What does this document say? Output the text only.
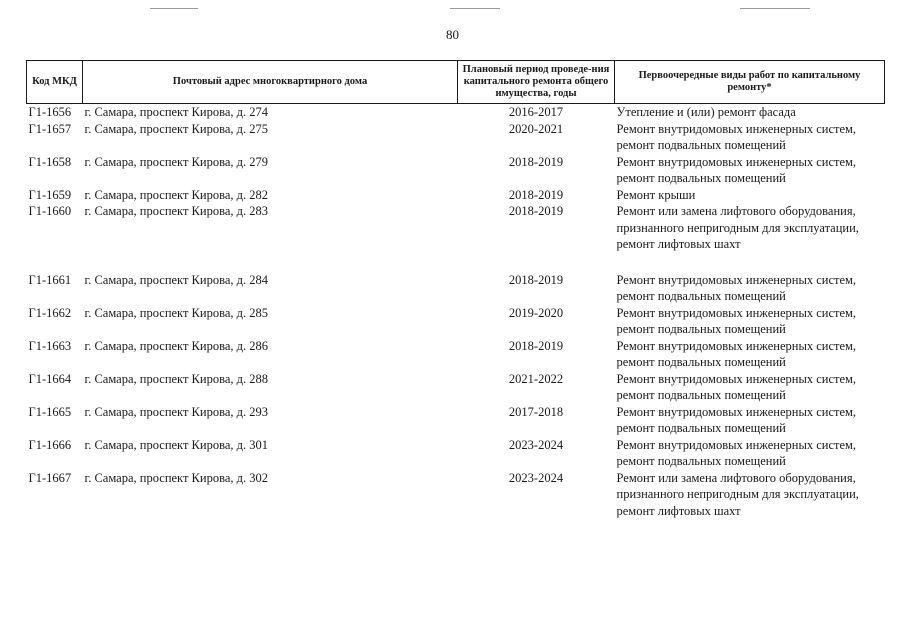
80
Код МКД	Почтовый адрес многоквартирного дома	Плановый период проведе-ния капитального ремонта общего имущества, годы	Первоочередные виды работ по капитальному ремонту*
Г1-1656	г. Самара, проспект Кирова, д. 274	2016-2017	Утепление и (или) ремонт фасада
Г1-1657	г. Самара, проспект Кирова, д. 275	2020-2021	Ремонт внутридомовых инженерных систем, ремонт подвальных помещений
Г1-1658	г. Самара, проспект Кирова, д. 279	2018-2019	Ремонт внутридомовых инженерных систем, ремонт подвальных помещений
Г1-1659	г. Самара, проспект Кирова, д. 282	2018-2019	Ремонт крыши
Г1-1660	г. Самара, проспект Кирова, д. 283	2018-2019	Ремонт или замена лифтового оборудования, признанного непригодным для эксплуатации, ремонт лифтовых шахт

Г1-1661	г. Самара, проспект Кирова, д. 284	2018-2019	Ремонт внутридомовых инженерных систем, ремонт подвальных помещений
Г1-1662	г. Самара, проспект Кирова, д. 285	2019-2020	Ремонт внутридомовых инженерных систем, ремонт подвальных помещений
Г1-1663	г. Самара, проспект Кирова, д. 286	2018-2019	Ремонт внутридомовых инженерных систем, ремонт подвальных помещений
Г1-1664	г. Самара, проспект Кирова, д. 288	2021-2022	Ремонт внутридомовых инженерных систем, ремонт подвальных помещений
Г1-1665	г. Самара, проспект Кирова, д. 293	2017-2018	Ремонт внутридомовых инженерных систем, ремонт подвальных помещений
Г1-1666	г. Самара, проспект Кирова, д. 301	2023-2024	Ремонт внутридомовых инженерных систем, ремонт подвальных помещений
Г1-1667	г. Самара, проспект Кирова, д. 302	2023-2024	Ремонт или замена лифтового оборудования, признанного непригодным для эксплуатации, ремонт лифтовых шахт
